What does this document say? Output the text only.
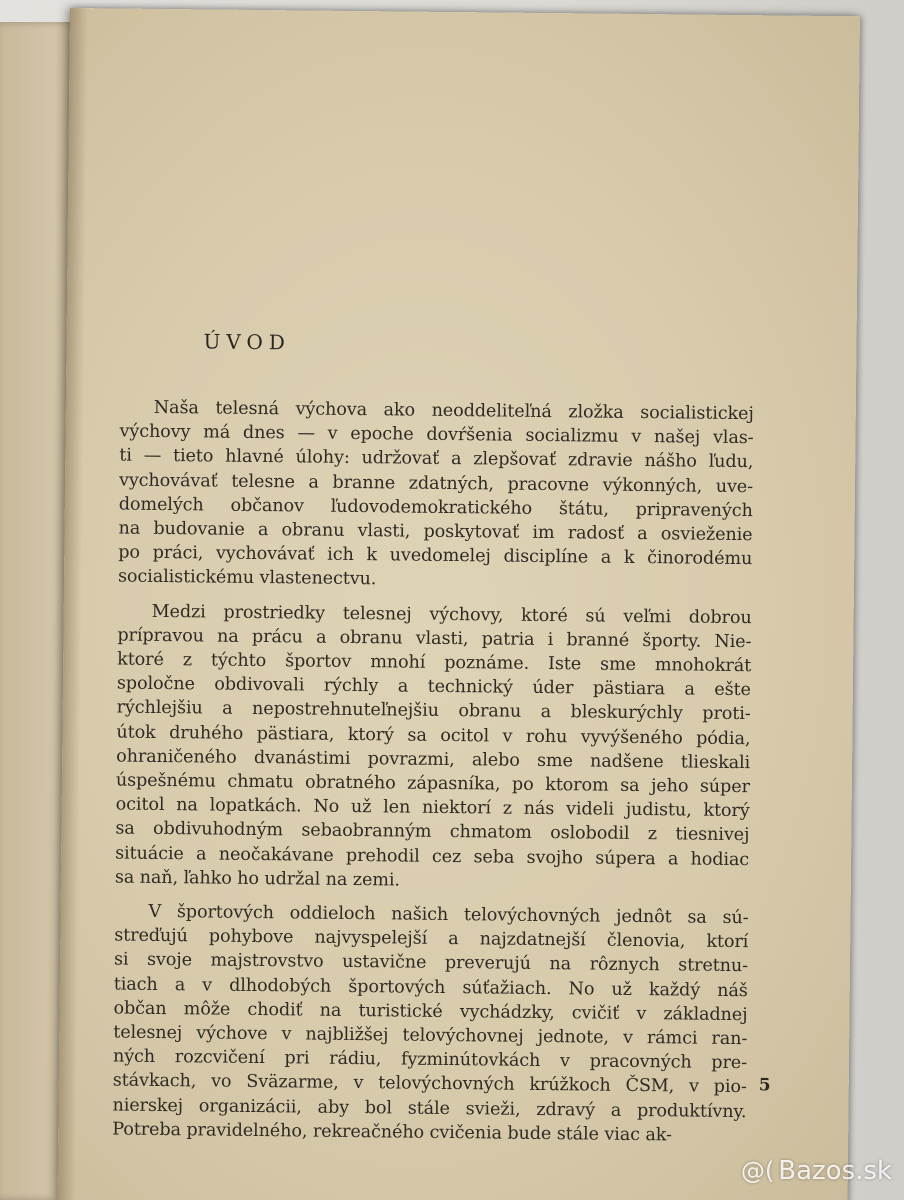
ÚVOD
Naša telesná výchova ako neoddeliteľná zložka socialistickej
výchovy má dnes — v epoche dovŕšenia socializmu v našej vlas-
ti — tieto hlavné úlohy: udržovať a zlepšovať zdravie nášho ľudu,
vychovávať telesne a branne zdatných, pracovne výkonných, uve-
domelých občanov ľudovodemokratického štátu, pripravených
na budovanie a obranu vlasti, poskytovať im radosť a osvieženie
po práci, vychovávať ich k uvedomelej disciplíne a k činorodému
socialistickému vlastenectvu.
Medzi prostriedky telesnej výchovy, ktoré sú veľmi dobrou
prípravou na prácu a obranu vlasti, patria i branné športy. Nie-
ktoré z týchto športov mnohí poznáme. Iste sme mnohokrát
spoločne obdivovali rýchly a technický úder pästiara a ešte
rýchlejšiu a nepostrehnuteľnejšiu obranu a bleskurýchly proti-
útok druhého pästiara, ktorý sa ocitol v rohu vyvýšeného pódia,
ohraničeného dvanástimi povrazmi, alebo sme nadšene tlieskali
úspešnému chmatu obratného zápasníka, po ktorom sa jeho súper
ocitol na lopatkách. No už len niektorí z nás videli judistu, ktorý
sa obdivuhodným sebaobranným chmatom oslobodil z tiesnivej
situácie a neočakávane prehodil cez seba svojho súpera a hodiac
sa naň, ľahko ho udržal na zemi.
V športových oddieloch našich telovýchovných jednôt sa sú-
streďujú pohybove najvyspelejší a najzdatnejší členovia, ktorí
si svoje majstrovstvo ustavične preverujú na rôznych stretnu-
tiach a v dlhodobých športových súťažiach. No už každý náš
občan môže chodiť na turistické vychádzky, cvičiť v základnej
telesnej výchove v najbližšej telovýchovnej jednote, v rámci ran-
ných rozcvičení pri rádiu, fyzminútovkách v pracovných pre-
stávkach, vo Sväzarme, v telovýchovných krúžkoch ČSM, v pio-
nierskej organizácii, aby bol stále svieži, zdravý a produktívny.
Potreba pravidelného, rekreačného cvičenia bude stále viac ak-
5
@( Bazos.sk
